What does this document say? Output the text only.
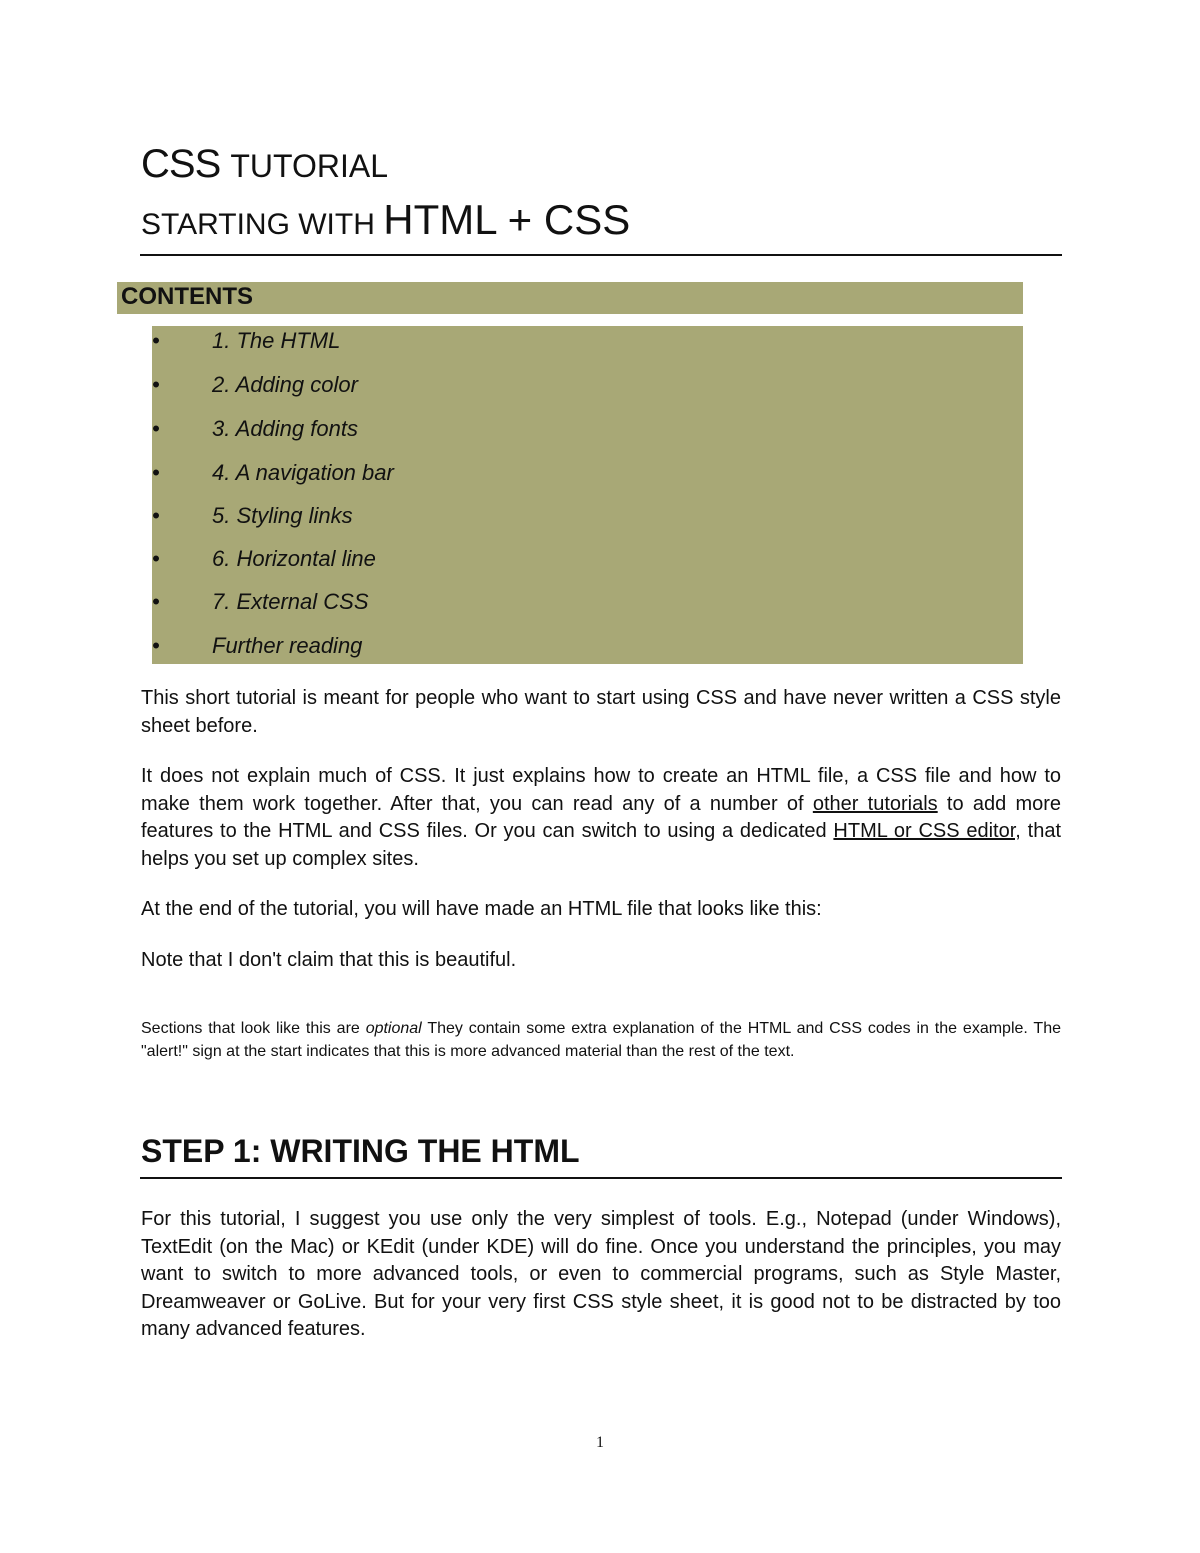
CSS TUTORIAL
STARTING WITH HTML + CSS
CONTENTS
•	1. The HTML
•	2. Adding color
•	3. Adding fonts
•	4. A navigation bar
•	5. Styling links
•	6. Horizontal line
•	7. External CSS
•	Further reading
This short tutorial is meant for people who want to start using CSS and have never written a CSS style sheet before.
It does not explain much of CSS. It just explains how to create an HTML file, a CSS file and how to make them work together. After that, you can read any of a number of other tutorials to add more features to the HTML and CSS files. Or you can switch to using a dedicated HTML or CSS editor, that helps you set up complex sites.
At the end of the tutorial, you will have made an HTML file that looks like this:
Note that I don't claim that this is beautiful.
Sections that look like this are optional They contain some extra explanation of the HTML and CSS codes in the example. The "alert!" sign at the start indicates that this is more advanced material than the rest of the text.
STEP 1: WRITING THE HTML
For this tutorial, I suggest you use only the very simplest of tools. E.g., Notepad (under Windows), TextEdit (on the Mac) or KEdit (under KDE) will do fine. Once you understand the principles, you may want to switch to more advanced tools, or even to commercial programs, such as Style Master, Dreamweaver or GoLive. But for your very first CSS style sheet, it is good not to be distracted by too many advanced features.
1
